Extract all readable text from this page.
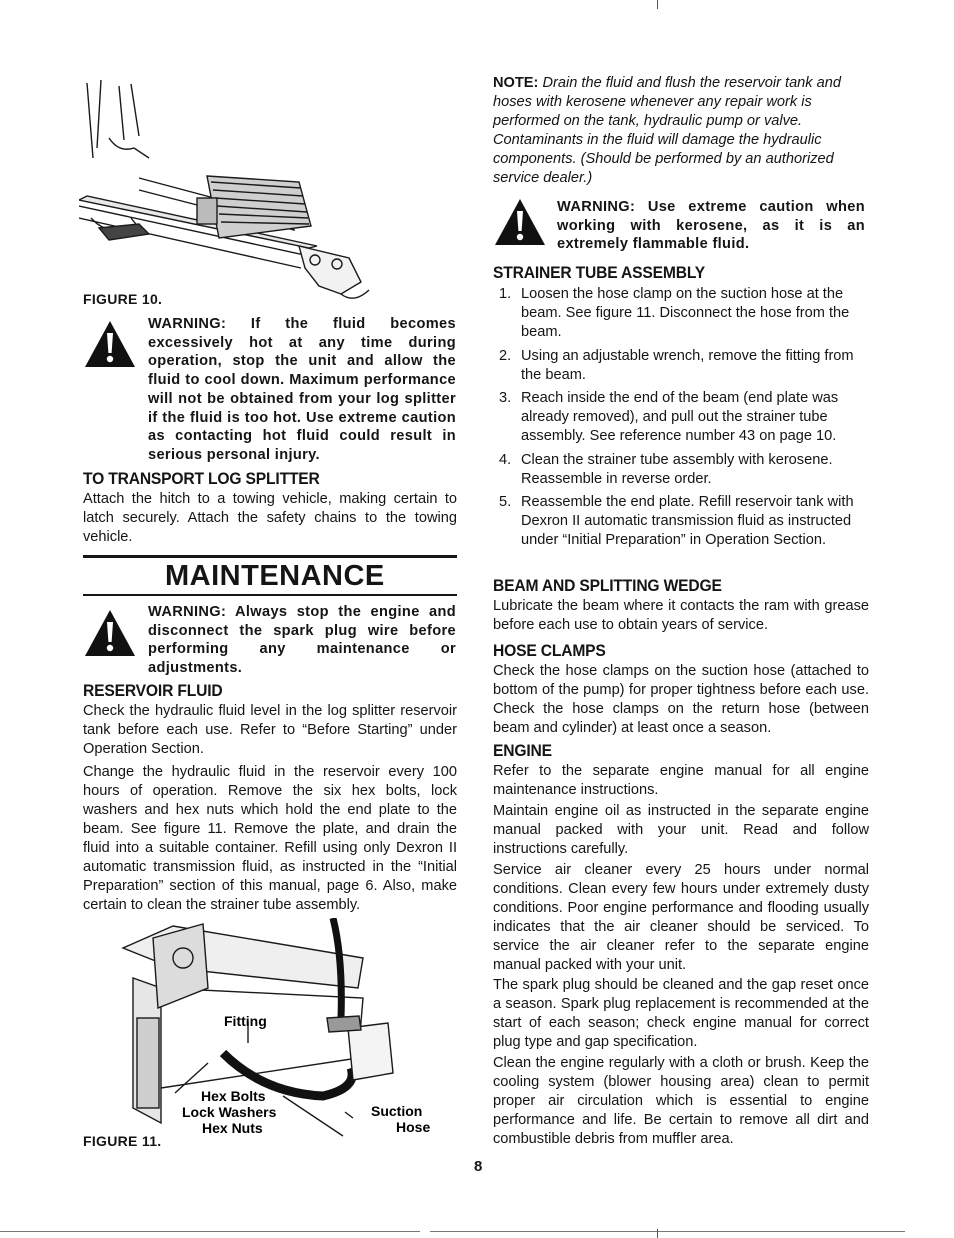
FIGURE 10.

WARNING: If the fluid becomes excessively hot at any time during operation, stop the unit and allow the fluid to cool down. Maximum performance will not be obtained from your log splitter if the fluid is too hot. Use extreme caution as contacting hot fluid could result in serious personal injury.

TO TRANSPORT LOG SPLITTER

Attach the hitch to a towing vehicle, making certain to latch securely. Attach the safety chains to the towing vehicle.

MAINTENANCE

WARNING: Always stop the engine and disconnect the spark plug wire before performing any maintenance or adjustments.

RESERVOIR FLUID

Check the hydraulic fluid level in the log splitter reservoir tank before each use. Refer to “Before Starting” under Operation Section.

Change the hydraulic fluid in the reservoir every 100 hours of operation. Remove the six hex bolts, lock washers and hex nuts which hold the end plate to the beam. See figure 11. Remove the plate, and drain the fluid into a suitable container. Refill using only Dexron II automatic transmission fluid, as instructed in the “Initial Preparation” section of this manual, page 6. Also, make certain to clean the strainer tube assembly.

Fitting
Hex Bolts
Lock Washers
Hex Nuts
Suction
Hose

FIGURE 11.

NOTE: Drain the fluid and flush the reservoir tank and hoses with kerosene whenever any repair work is performed on the tank, hydraulic pump or valve. Contaminants in the fluid will damage the hydraulic components. (Should be performed by an authorized service dealer.)

WARNING: Use extreme caution when working with kerosene, as it is an extremely flammable fluid.

STRAINER TUBE ASSEMBLY
1. Loosen the hose clamp on the suction hose at the beam. See figure 11. Disconnect the hose from the beam.
2. Using an adjustable wrench, remove the fitting from the beam.
3. Reach inside the end of the beam (end plate was already removed), and pull out the strainer tube assembly. See reference number 43 on page 10.
4. Clean the strainer tube assembly with kerosene. Reassemble in reverse order.
5. Reassemble the end plate. Refill reservoir tank with Dexron II automatic transmission fluid as instructed under “Initial Preparation” in Operation Section.
BEAM AND SPLITTING WEDGE

Lubricate the beam where it contacts the ram with grease before each use to obtain years of service.

HOSE CLAMPS

Check the hose clamps on the suction hose (attached to bottom of the pump) for proper tightness before each use. Check the hose clamps on the return hose (between beam and cylinder) at least once a season.

ENGINE

Refer to the separate engine manual for all engine maintenance instructions.

Maintain engine oil as instructed in the separate engine manual packed with your unit. Read and follow instructions carefully.

Service air cleaner every 25 hours under normal conditions. Clean every few hours under extremely dusty conditions. Poor engine performance and flooding usually indicates that the air cleaner should be serviced. To service the air cleaner refer to the separate engine manual packed with your unit.

The spark plug should be cleaned and the gap reset once a season. Spark plug replacement is recommended at the start of each season; check engine manual for correct plug type and gap specification.

Clean the engine regularly with a cloth or brush. Keep the cooling system (blower housing area) clean to permit proper air circulation which is essential to engine performance and life. Be certain to remove all dirt and combustible debris from muffler area.

8
